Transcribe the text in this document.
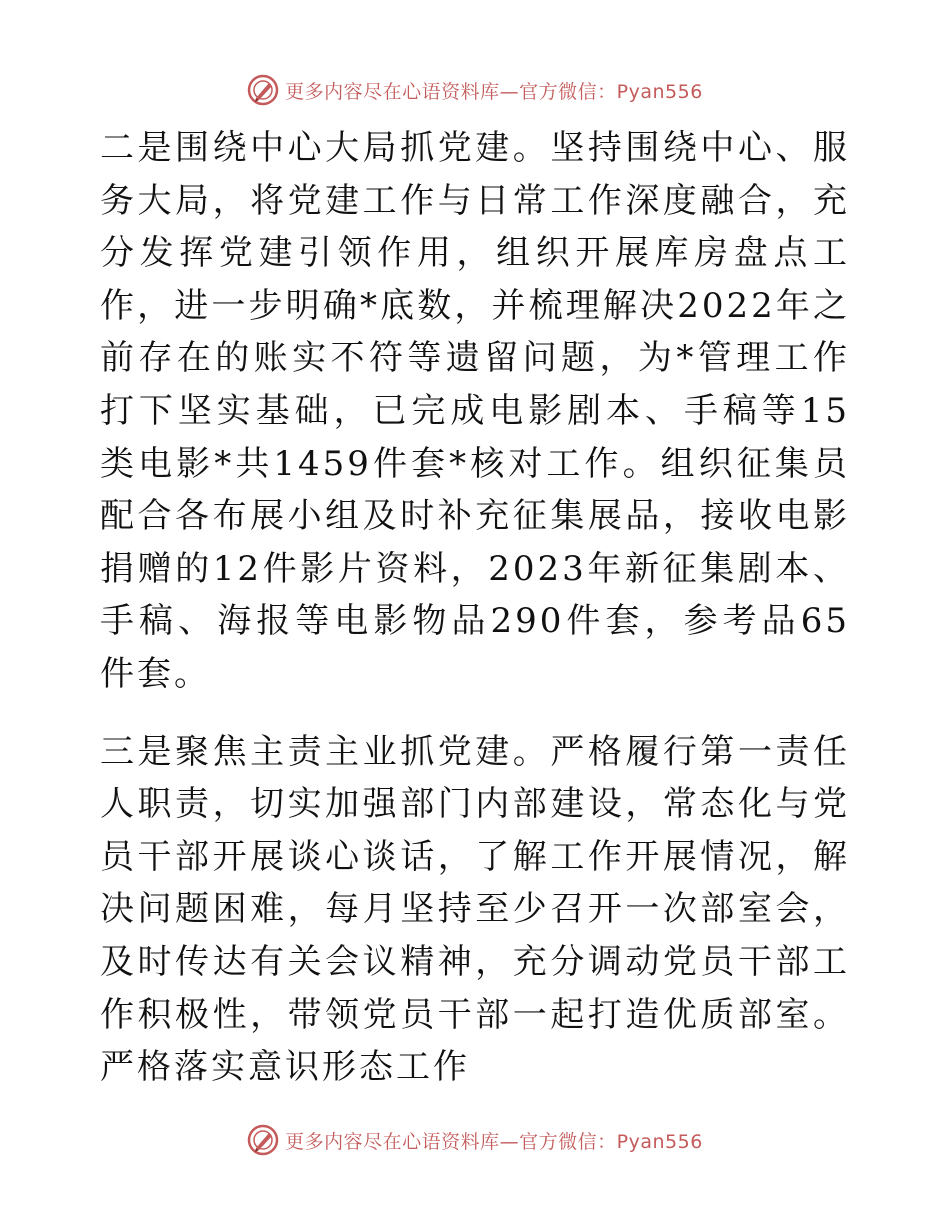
更多内容尽在心语资料库—官方微信：Pyan556

二是围绕中心大局抓党建。坚持围绕中心、服务大局，将党建工作与日常工作深度融合，充分发挥党建引领作用，组织开展库房盘点工作，进一步明确*底数，并梳理解决2022年之前存在的账实不符等遗留问题，为*管理工作打下坚实基础，已完成电影剧本、手稿等15类电影*共1459件套*核对工作。组织征集员配合各布展小组及时补充征集展品，接收电影捐赠的12件影片资料，2023年新征集剧本、手稿、海报等电影物品290件套，参考品65件套。

三是聚焦主责主业抓党建。严格履行第一责任人职责，切实加强部门内部建设，常态化与党员干部开展谈心谈话，了解工作开展情况，解决问题困难，每月坚持至少召开一次部室会，及时传达有关会议精神，充分调动党员干部工作积极性，带领党员干部一起打造优质部室。严格落实意识形态工作

更多内容尽在心语资料库—官方微信：Pyan556
